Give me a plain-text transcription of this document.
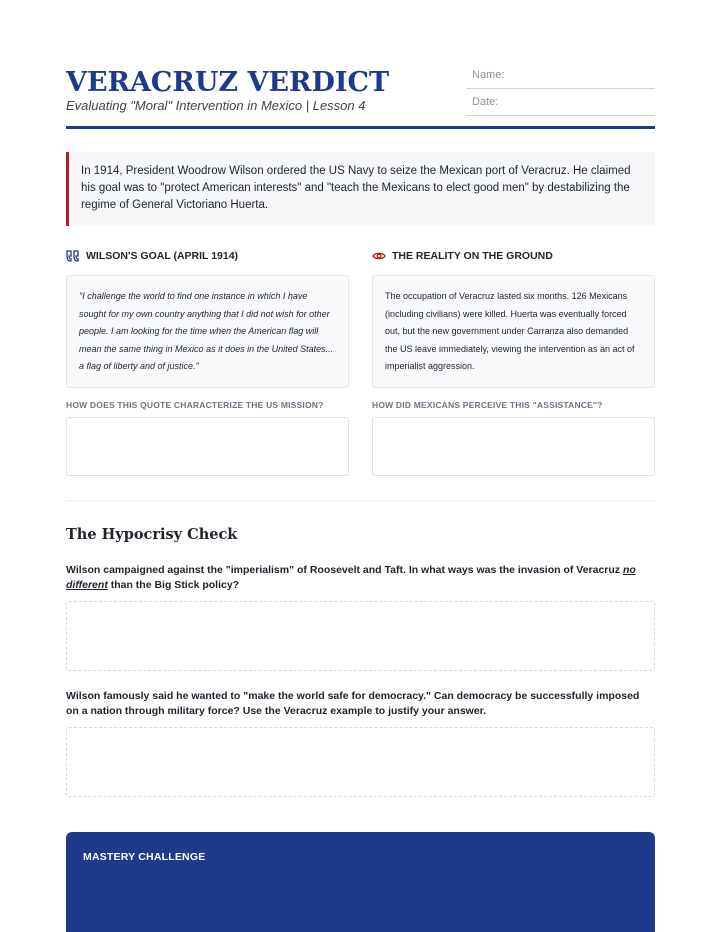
VERACRUZ VERDICT
Evaluating "Moral" Intervention in Mexico | Lesson 4
Name:
Date:
In 1914, President Woodrow Wilson ordered the US Navy to seize the Mexican port of Veracruz. He claimed his goal was to "protect American interests" and "teach the Mexicans to elect good men" by destabilizing the regime of General Victoriano Huerta.
WILSON'S GOAL (APRIL 1914)
"I challenge the world to find one instance in which I have sought for my own country anything that I did not wish for other people. I am looking for the time when the American flag will mean the same thing in Mexico as it does in the United States... a flag of liberty and of justice."
HOW DOES THIS QUOTE CHARACTERIZE THE US MISSION?
THE REALITY ON THE GROUND
The occupation of Veracruz lasted six months. 126 Mexicans (including civilians) were killed. Huerta was eventually forced out, but the new government under Carranza also demanded the US leave immediately, viewing the intervention as an act of imperialist aggression.
HOW DID MEXICANS PERCEIVE THIS "ASSISTANCE"?
The Hypocrisy Check
Wilson campaigned against the "imperialism" of Roosevelt and Taft. In what ways was the invasion of Veracruz no different than the Big Stick policy?
Wilson famously said he wanted to "make the world safe for democracy." Can democracy be successfully imposed on a nation through military force? Use the Veracruz example to justify your answer.
MASTERY CHALLENGE
